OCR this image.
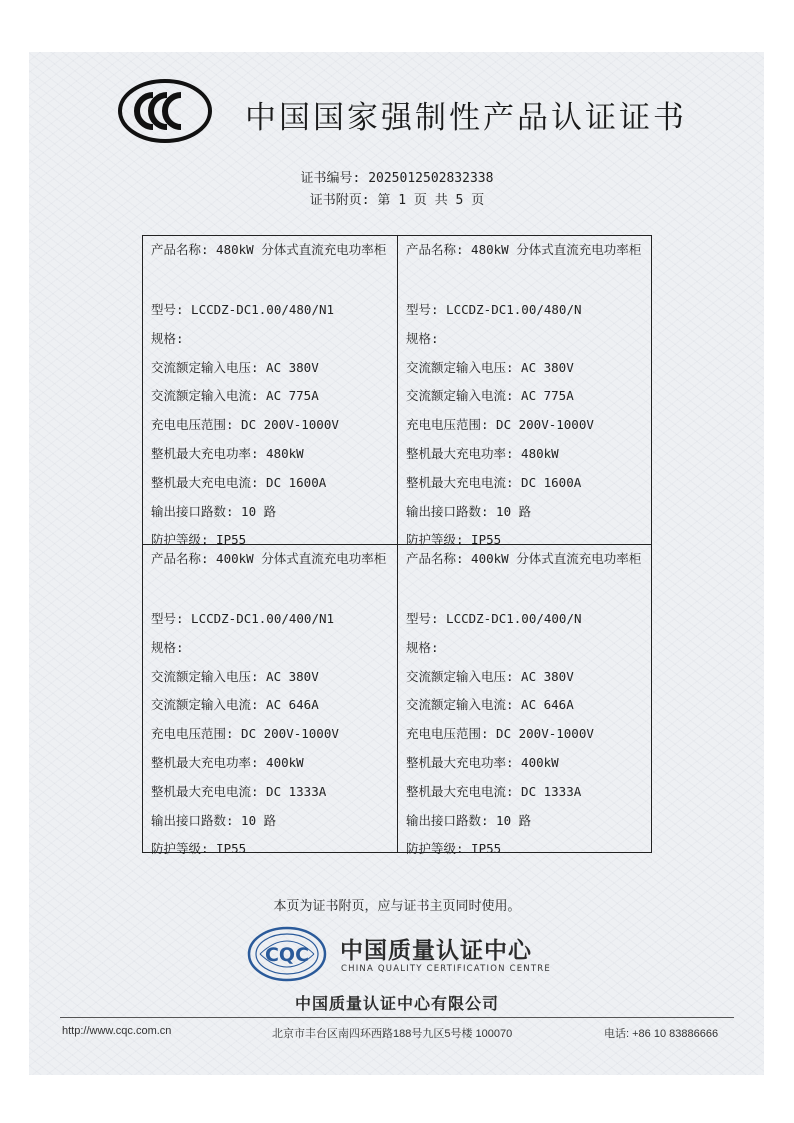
中国国家强制性产品认证证书
证书编号: 2025012502832338
证书附页: 第 1 页 共 5 页
产品名称: 480kW 分体式直流充电功率柜
型号: LCCDZ-DC1.00/480/N1
规格:
交流额定输入电压: AC 380V
交流额定输入电流: AC 775A
充电电压范围: DC 200V-1000V
整机最大充电功率: 480kW
整机最大充电电流: DC 1600A
输出接口路数: 10 路
防护等级: IP55
产品名称: 480kW 分体式直流充电功率柜
型号: LCCDZ-DC1.00/480/N
规格:
交流额定输入电压: AC 380V
交流额定输入电流: AC 775A
充电电压范围: DC 200V-1000V
整机最大充电功率: 480kW
整机最大充电电流: DC 1600A
输出接口路数: 10 路
防护等级: IP55
产品名称: 400kW 分体式直流充电功率柜
型号: LCCDZ-DC1.00/400/N1
规格:
交流额定输入电压: AC 380V
交流额定输入电流: AC 646A
充电电压范围: DC 200V-1000V
整机最大充电功率: 400kW
整机最大充电电流: DC 1333A
输出接口路数: 10 路
防护等级: IP55
产品名称: 400kW 分体式直流充电功率柜
型号: LCCDZ-DC1.00/400/N
规格:
交流额定输入电压: AC 380V
交流额定输入电流: AC 646A
充电电压范围: DC 200V-1000V
整机最大充电功率: 400kW
整机最大充电电流: DC 1333A
输出接口路数: 10 路
防护等级: IP55
本页为证书附页，应与证书主页同时使用。
CQC 中国质量认证中心
CHINA QUALITY CERTIFICATION CENTRE
中国质量认证中心有限公司
http://www.cqc.com.cn	北京市丰台区南四环西路188号九区5号楼 100070	电话: +86 10 83886666
